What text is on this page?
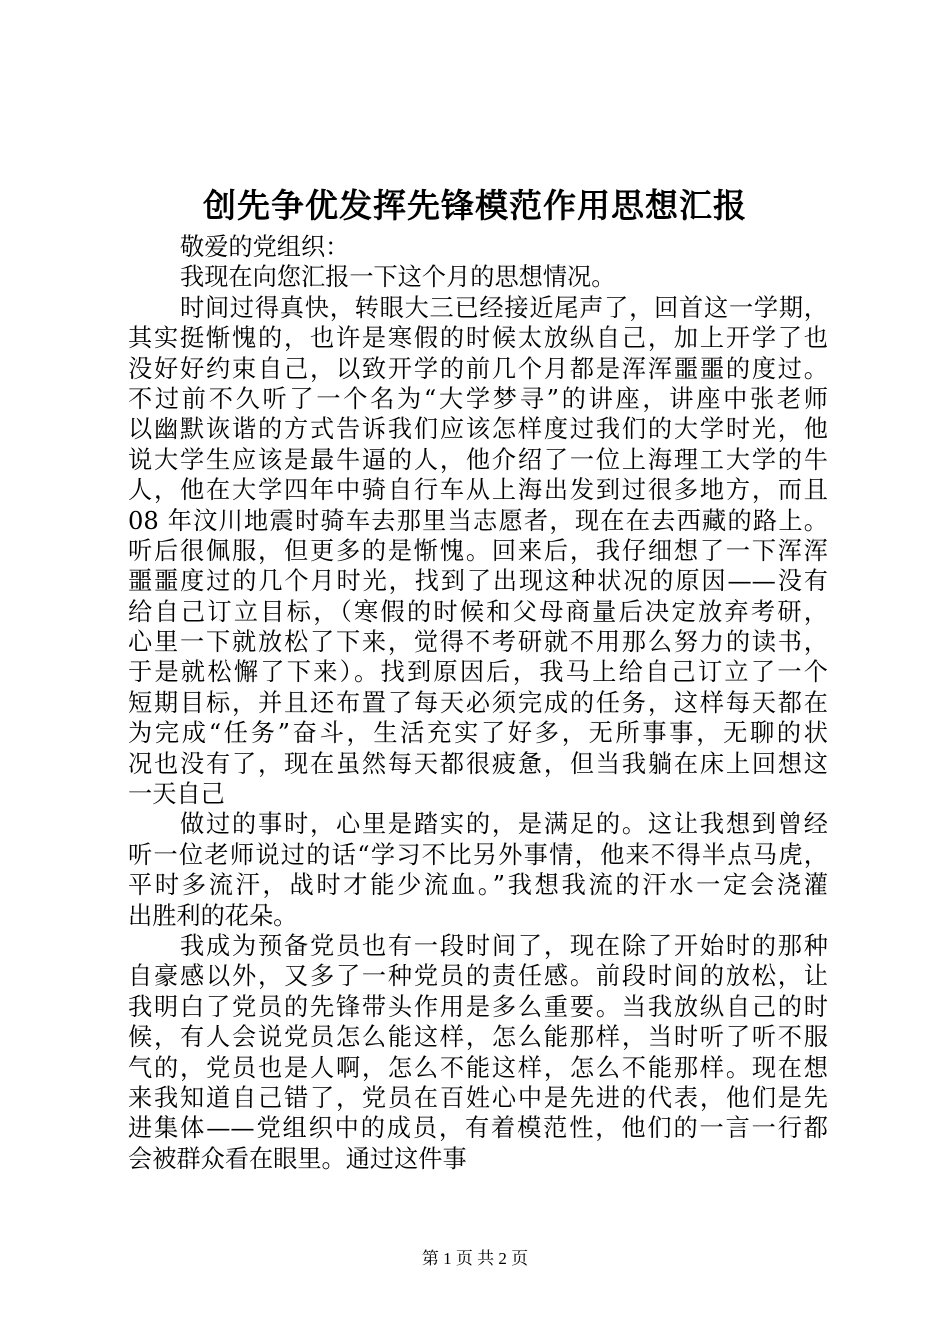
创先争优发挥先锋模范作用思想汇报
敬爱的党组织：
我现在向您汇报一下这个月的思想情况。
时间过得真快，转眼大三已经接近尾声了，回首这一学期，
其实挺惭愧的，也许是寒假的时候太放纵自己，加上开学了也
没好好约束自己，以致开学的前几个月都是浑浑噩噩的度过。
不过前不久听了一个名为“大学梦寻”的讲座，讲座中张老师
以幽默诙谐的方式告诉我们应该怎样度过我们的大学时光，他
说大学生应该是最牛逼的人，他介绍了一位上海理工大学的牛
人，他在大学四年中骑自行车从上海出发到过很多地方，而且
08 年汶川地震时骑车去那里当志愿者，现在在去西藏的路上。
听后很佩服，但更多的是惭愧。回来后，我仔细想了一下浑浑
噩噩度过的几个月时光，找到了出现这种状况的原因——没有
给自己订立目标，（寒假的时候和父母商量后决定放弃考研，
心里一下就放松了下来，觉得不考研就不用那么努力的读书，
于是就松懈了下来）。找到原因后，我马上给自己订立了一个
短期目标，并且还布置了每天必须完成的任务，这样每天都在
为完成“任务”奋斗，生活充实了好多，无所事事，无聊的状
况也没有了，现在虽然每天都很疲惫，但当我躺在床上回想这
一天自己
做过的事时，心里是踏实的，是满足的。这让我想到曾经
听一位老师说过的话“学习不比另外事情，他来不得半点马虎，
平时多流汗，战时才能少流血。”我想我流的汗水一定会浇灌
出胜利的花朵。
我成为预备党员也有一段时间了，现在除了开始时的那种
自豪感以外，又多了一种党员的责任感。前段时间的放松，让
我明白了党员的先锋带头作用是多么重要。当我放纵自己的时
候，有人会说党员怎么能这样，怎么能那样，当时听了听不服
气的，党员也是人啊，怎么不能这样，怎么不能那样。现在想
来我知道自己错了，党员在百姓心中是先进的代表，他们是先
进集体——党组织中的成员，有着模范性，他们的一言一行都
会被群众看在眼里。通过这件事
第 1 页 共 2 页
